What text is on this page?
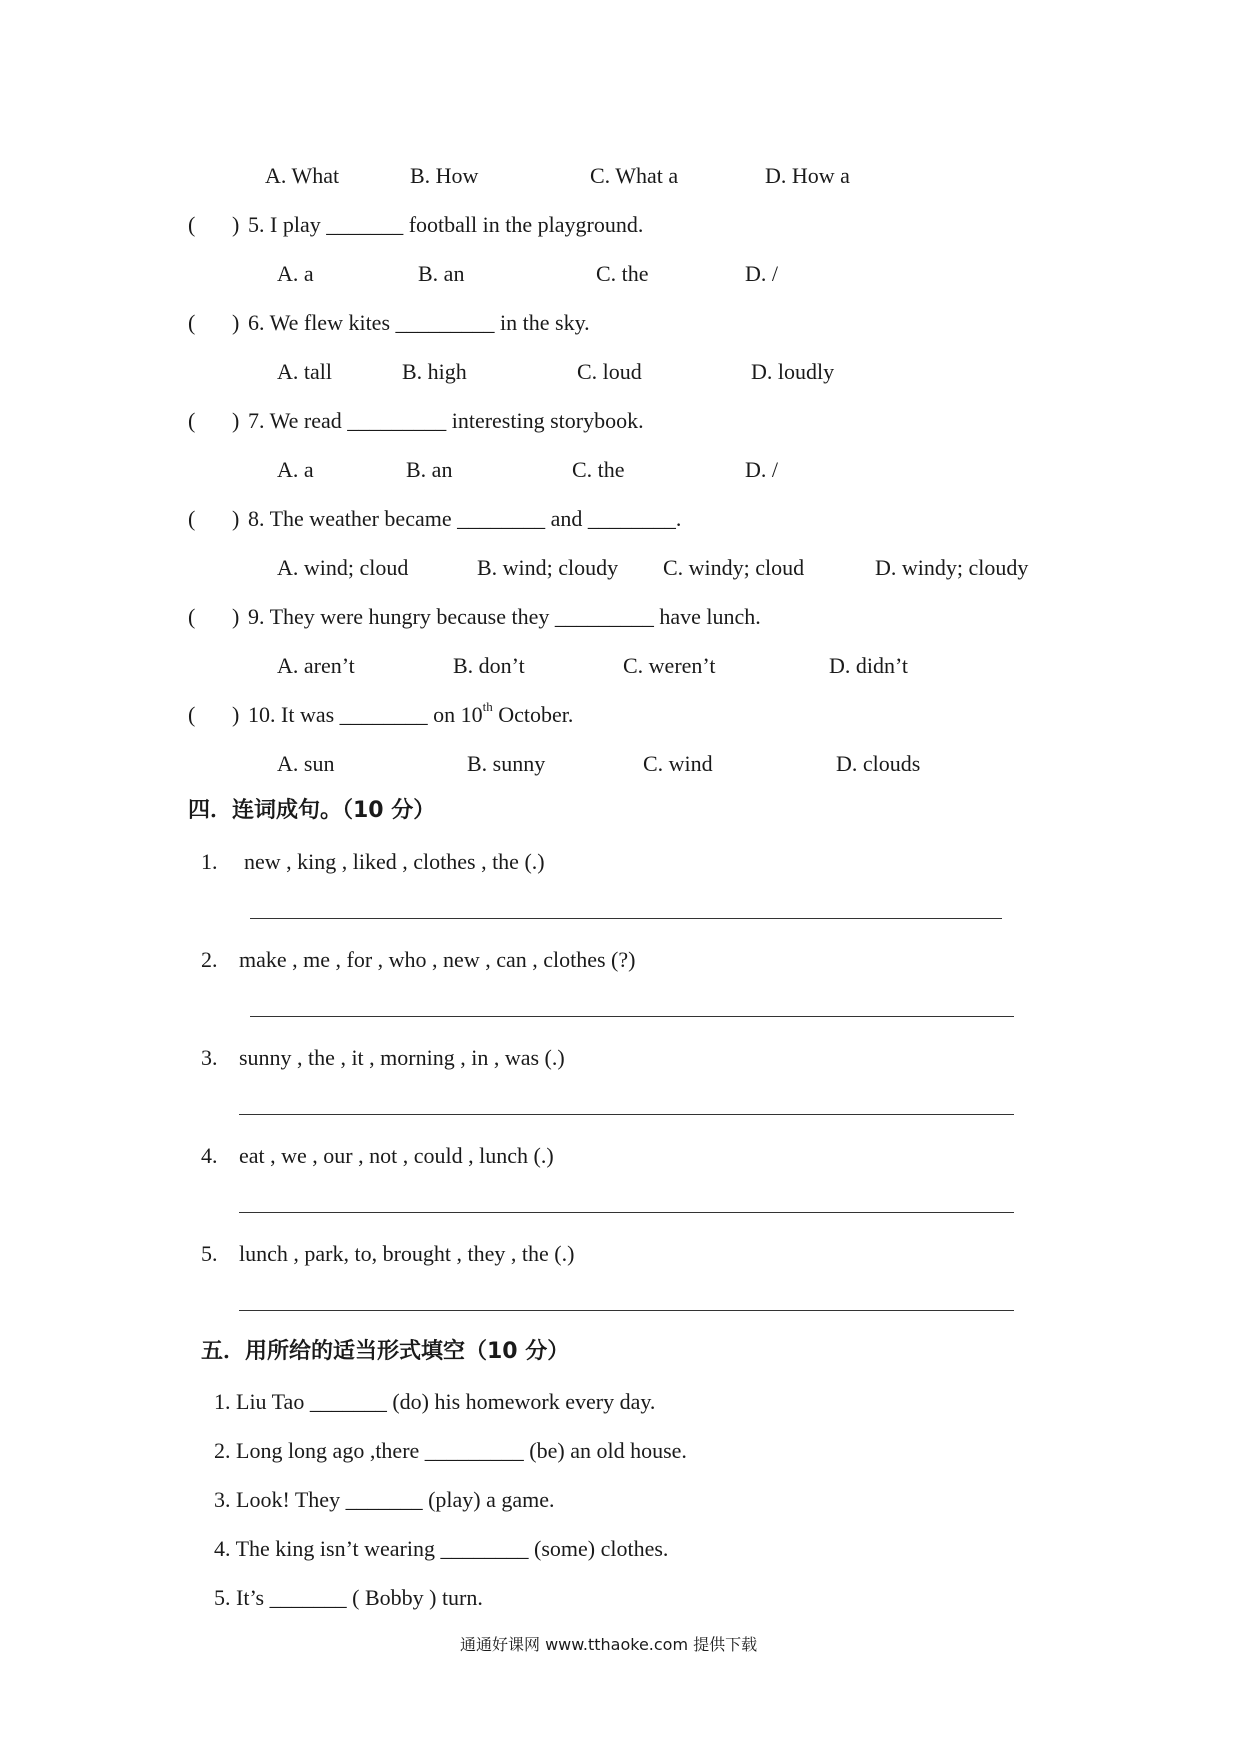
A. What	B. How	C. What a	D. How a
( ) 5. I play _______ football in the playground.
A. a	B. an	C. the	D. /
( ) 6. We flew kites _________ in the sky.
A. tall	B. high	C. loud	D. loudly
( ) 7. We read _________ interesting storybook.
A. a	B. an	C. the	D. /
( ) 8. The weather became ________ and ________.
A. wind; cloud	B. wind; cloudy C. windy; cloud	D. windy; cloudy
( ) 9. They were hungry because they _________ have lunch.
A. aren’t	B. don’t	C. weren’t	D. didn’t
( ) 10. It was ________ on 10th October.
A. sun	B. sunny	C. wind	D. clouds
四．连词成句。（10 分）
1. new , king , liked , clothes , the (.)
2. make , me , for , who , new , can , clothes (?)
3. sunny , the , it , morning , in , was (.)
4. eat , we , our , not , could , lunch (.)
5. lunch , park, to, brought , they , the (.)
五．用所给的适当形式填空（10 分）
1. Liu Tao _______ (do) his homework every day.
2. Long long ago ,there _________ (be) an old house.
3. Look! They _______ (play) a game.
4. The king isn’t wearing ________ (some) clothes.
5. It’s _______ ( Bobby ) turn.
通通好课网 www.tthaoke.com 提供下载
